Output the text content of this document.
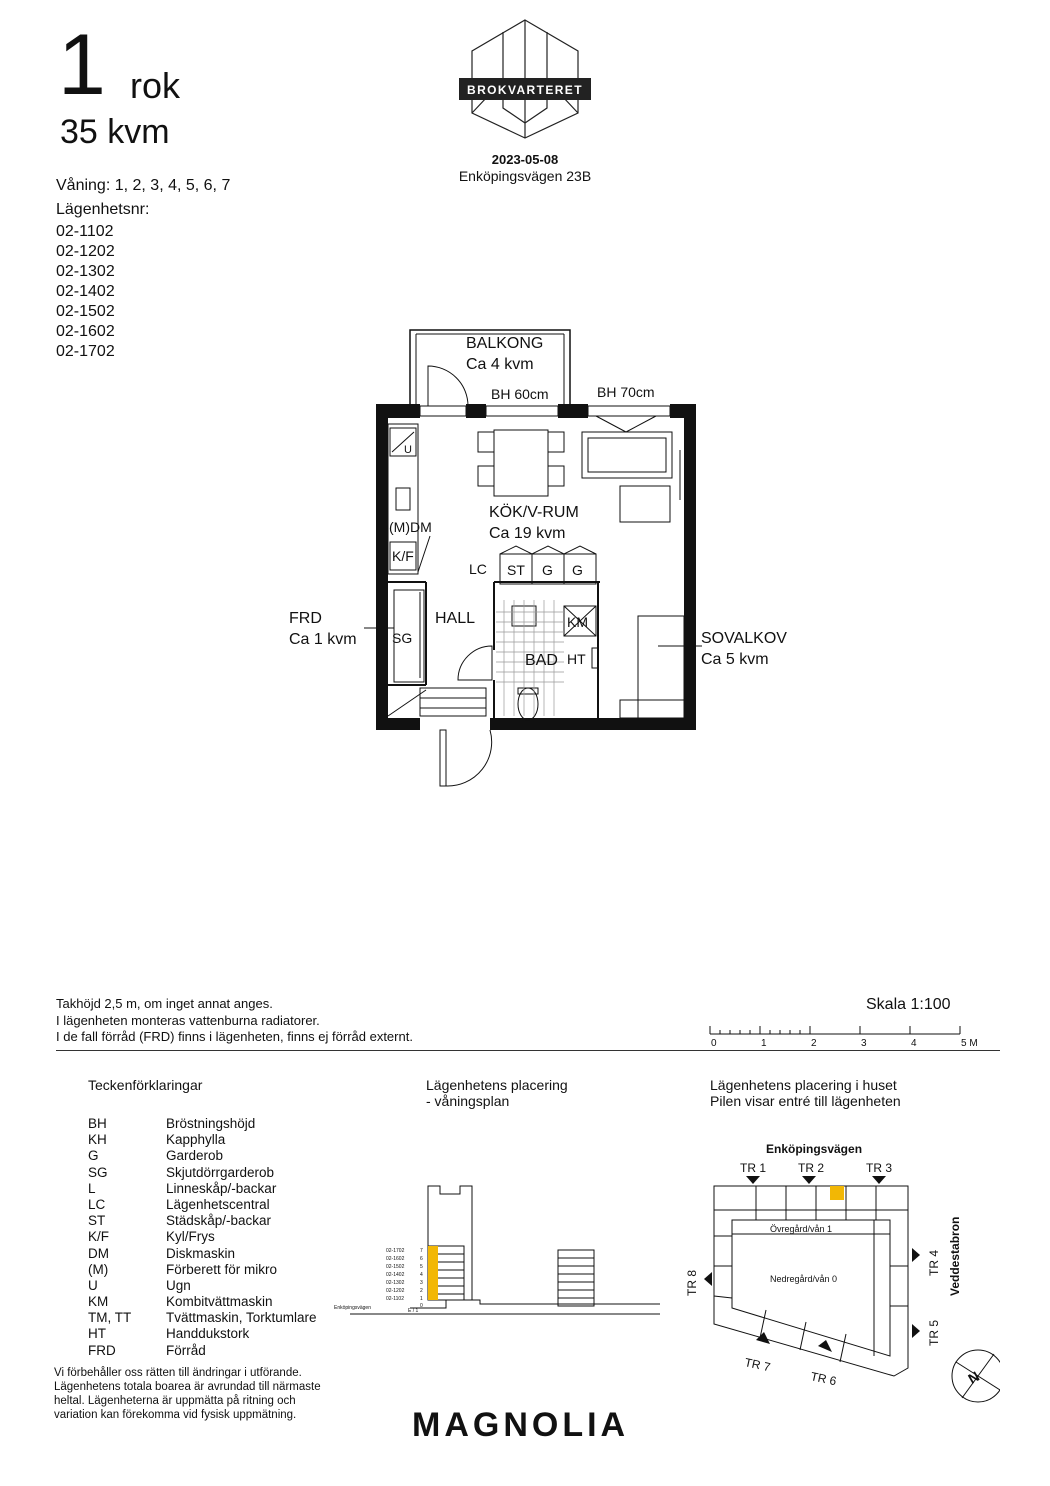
1 rok
35 kvm
Våning: 1, 2, 3, 4, 5, 6, 7
Lägenhetsnr:
02-1102
02-1202
02-1302
02-1402
02-1502
02-1602
02-1702
BROKVARTERET
2023-05-08
Enköpingsvägen 23B
BALKONG
Ca 4 kvm
BH 60cm	BH 70cm
KÖK/V-RUM
Ca 19 kvm
(M) DM
U
K/F
LC ST G G
FRD
Ca 1 kvm	SG
HALL
BAD
KM
HT
SOVALKOV
Ca 5 kvm
Takhöjd 2,5 m, om inget annat anges.
I lägenheten monteras vattenburna radiatorer.
I de fall förråd (FRD) finns i lägenheten, finns ej förråd externt.
Skala 1:100
0	1	2	3	4	5 M
Teckenförklaringar
BH	Bröstningshöjd
KH	Kapphylla
G	Garderob
SG	Skjutdörrgarderob
L	Linneskåp/-backar
LC	Lägenhetscentral
ST	Städskåp/-backar
K/F	Kyl/Frys
DM	Diskmaskin
(M)	Förberett för mikro
U	Ugn
KM	Kombitvättmaskin
TM, TT	Tvättmaskin, Torktumlare
HT	Handdukstork
FRD	Förråd
Lägenhetens placering
- våningsplan
02-1702
02-1602
02-1502
02-1402
02-1302
02-1202
02-1102
7
6
5
4
3
2
1
0
Enköpingsvägen	E / 1
Lägenhetens placering i huset
Pilen visar entré till lägenheten
Enköpingsvägen
TR 1	TR 2	TR 3
TR 7
TR 6
TR 8
TR 4
TR 5
Veddestabron
Övregård/vån 1
Nedregård/vån 0
N
Vi förbehåller oss rätten till ändringar i utförande.
Lägenhetens totala boarea är avrundad till närmaste
heltal. Lägenheterna är uppmätta på ritning och
variation kan förekomma vid fysisk uppmätning.	MAGNOLIA
